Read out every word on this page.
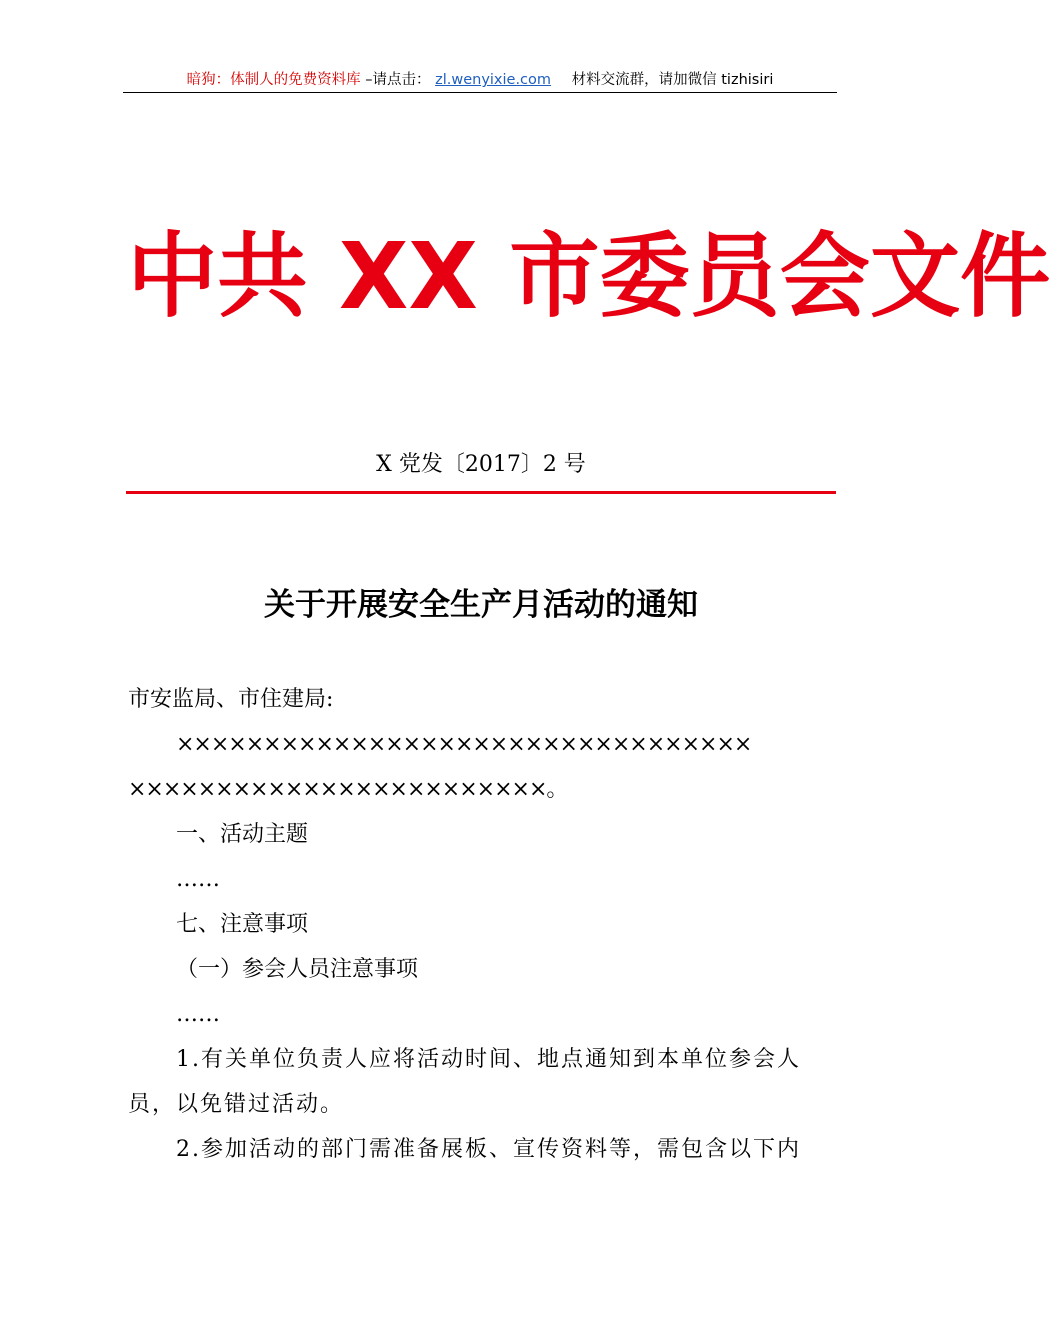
暗狗：体制人的免费资料库 –请点击： zl.wenyixie.com 材料交流群，请加微信 tizhisiri
中共 XX 市委员会文件
X 党发〔2017〕2 号
关于开展安全生产月活动的通知

市安监局、市住建局:

×××××××××××××××××××××××××××××××××

××××××××××××××××××××××××。

一、活动主题

……

七、注意事项

（一）参会人员注意事项

……

1.有关单位负责人应将活动时间、地点通知到本单位参会人员，以免错过活动。

2.参加活动的部门需准备展板、宣传资料等，需包含以下内
